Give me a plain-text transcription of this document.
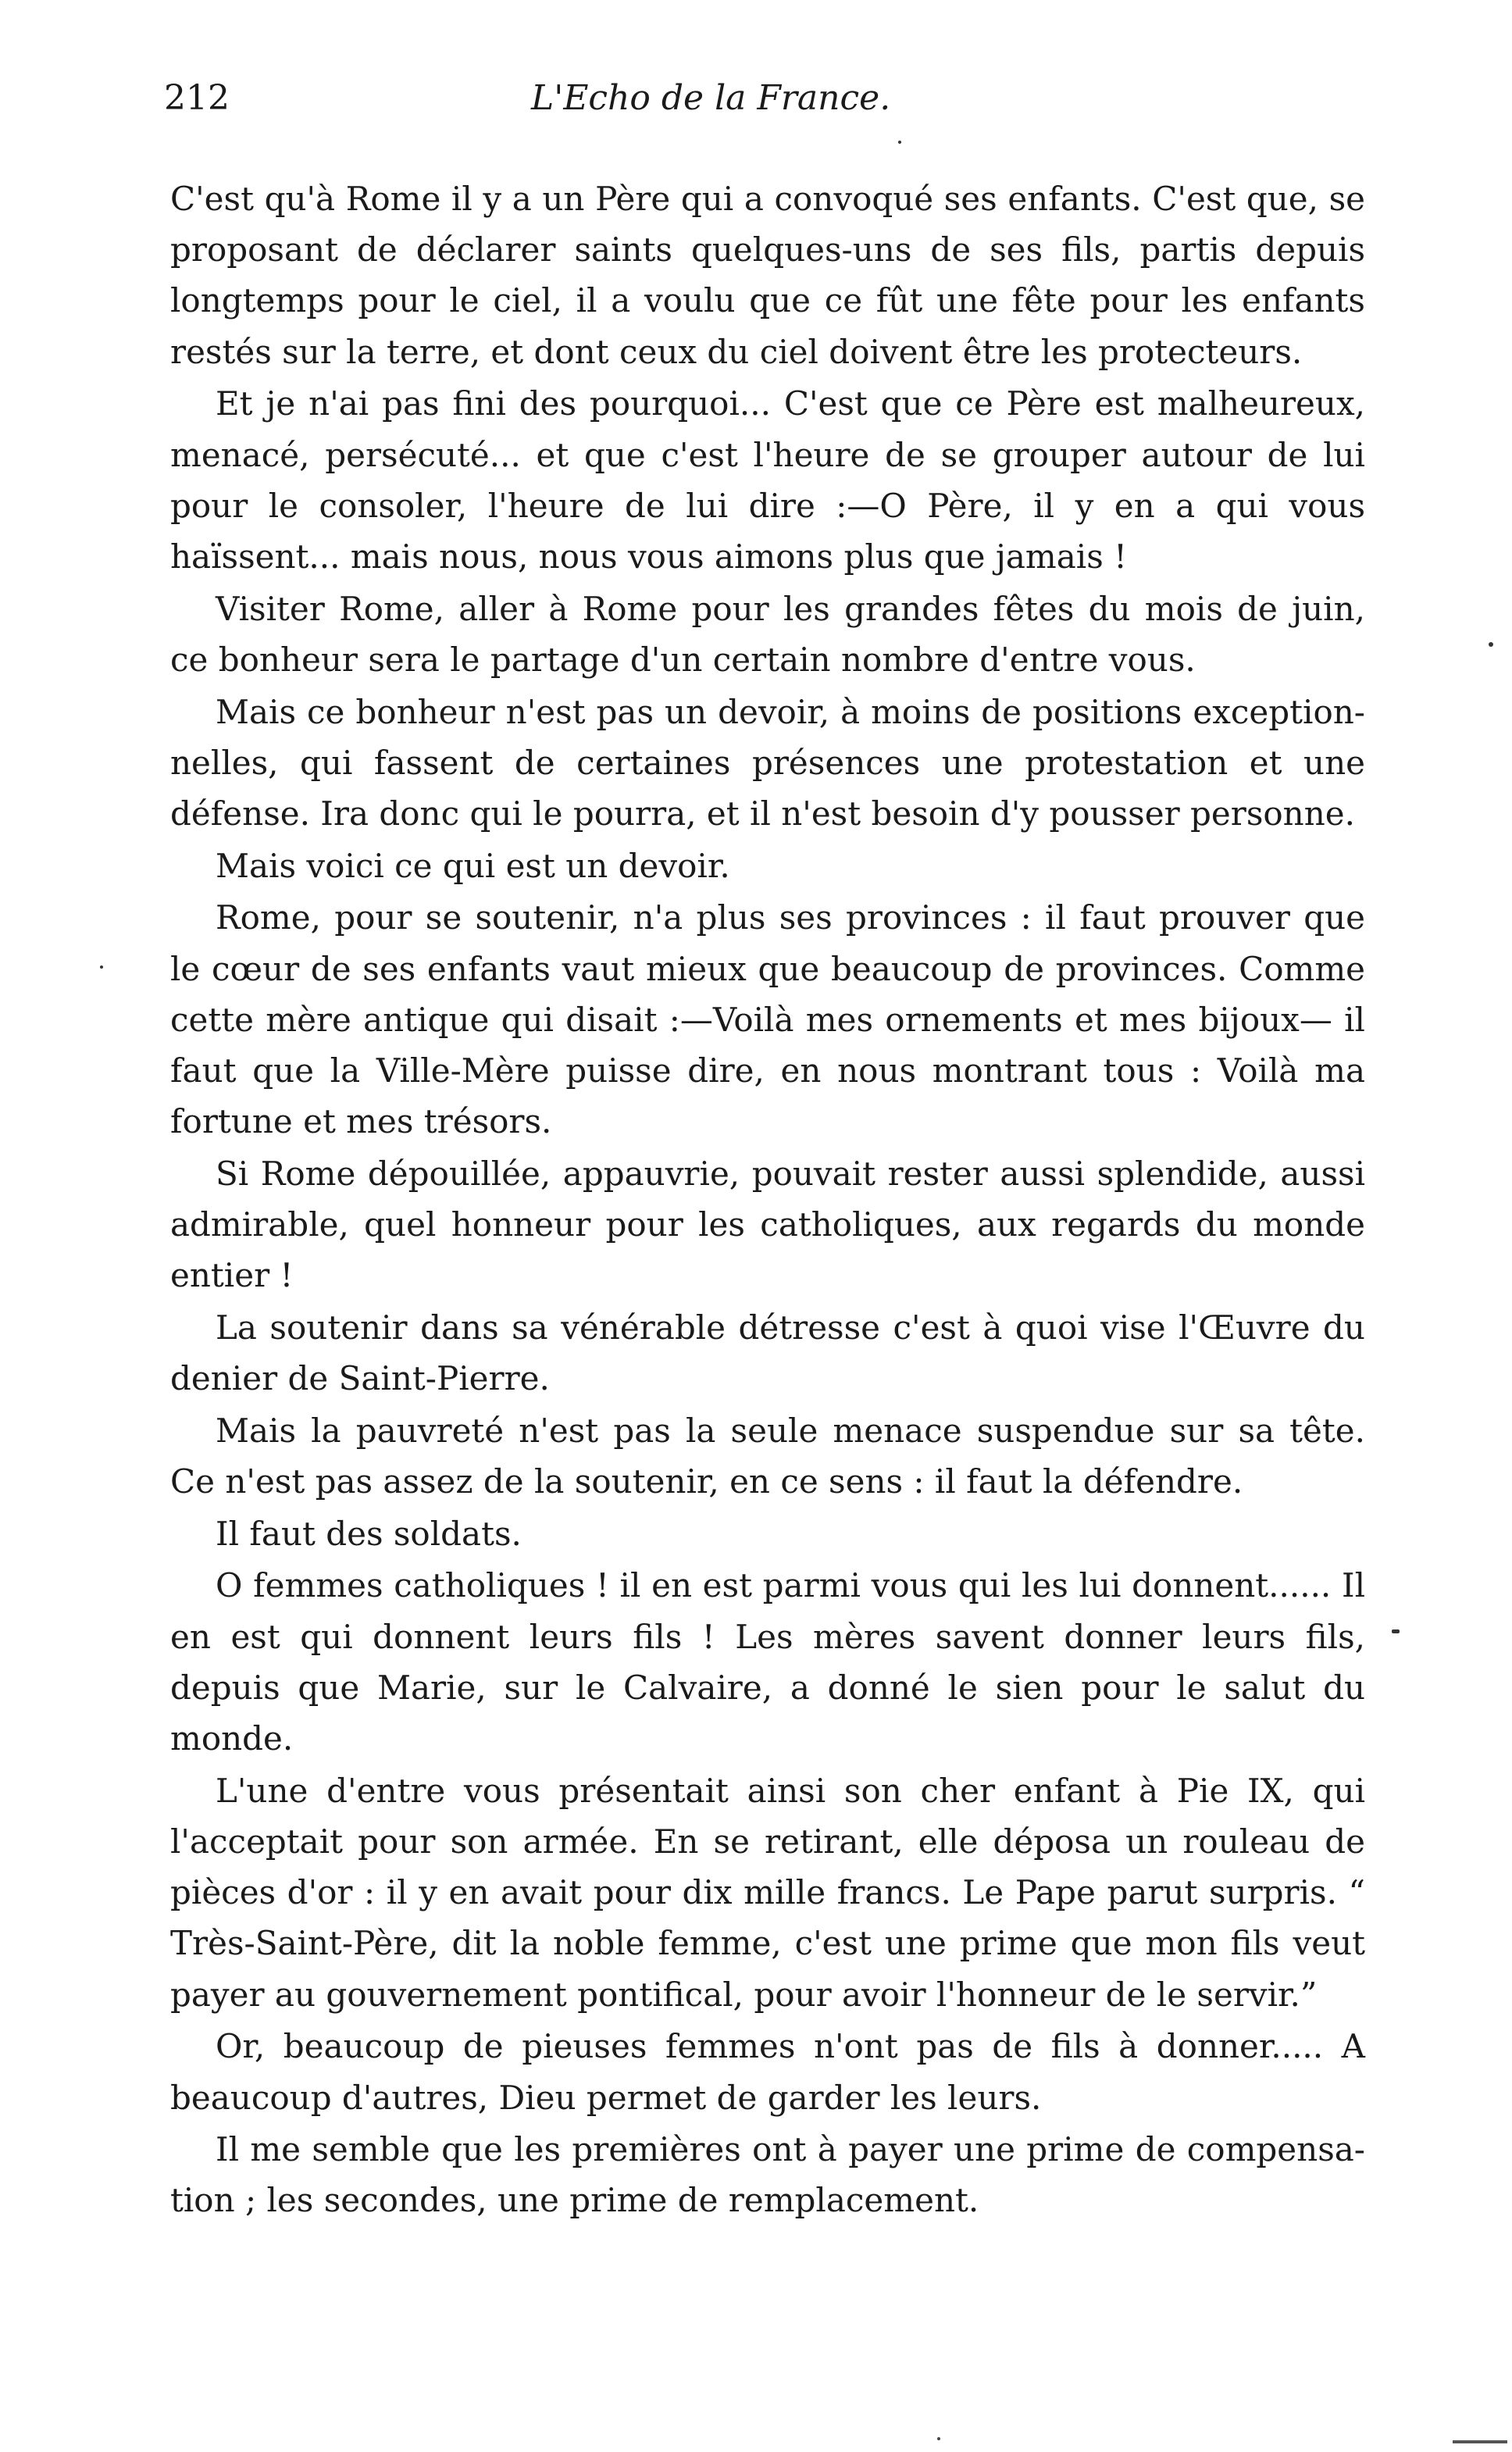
212	L'Echo de la France.

C'est qu'à Rome il y a un Père qui a convoqué ses enfants. C'est que, se proposant de déclarer saints quelques-uns de ses fils, partis depuis longtemps pour le ciel, il a voulu que ce fût une fête pour les enfants restés sur la terre, et dont ceux du ciel doivent être les protecteurs.

Et je n'ai pas fini des pourquoi... C'est que ce Père est malheureux, menacé, persécuté... et que c'est l'heure de se grouper autour de lui pour le consoler, l'heure de lui dire :—O Père, il y en a qui vous haïssent... mais nous, nous vous aimons plus que jamais !

Visiter Rome, aller à Rome pour les grandes fêtes du mois de juin, ce bonheur sera le partage d'un certain nombre d'entre vous.

Mais ce bonheur n'est pas un devoir, à moins de positions exceptionnelles, qui fassent de certaines présences une protestation et une défense. Ira donc qui le pourra, et il n'est besoin d'y pousser personne.

Mais voici ce qui est un devoir.

Rome, pour se soutenir, n'a plus ses provinces : il faut prouver que le cœur de ses enfants vaut mieux que beaucoup de provinces. Comme cette mère antique qui disait :—Voilà mes ornements et mes bijoux— il faut que la Ville-Mère puisse dire, en nous montrant tous : Voilà ma fortune et mes trésors.

Si Rome dépouillée, appauvrie, pouvait rester aussi splendide, aussi admirable, quel honneur pour les catholiques, aux regards du monde entier !

La soutenir dans sa vénérable détresse c'est à quoi vise l'Œuvre du denier de Saint-Pierre.

Mais la pauvreté n'est pas la seule menace suspendue sur sa tête. Ce n'est pas assez de la soutenir, en ce sens : il faut la défendre.

Il faut des soldats.

O femmes catholiques ! il en est parmi vous qui les lui donnent...... Il en est qui donnent leurs fils ! Les mères savent donner leurs fils, depuis que Marie, sur le Calvaire, a donné le sien pour le salut du monde.

L'une d'entre vous présentait ainsi son cher enfant à Pie IX, qui l'acceptait pour son armée. En se retirant, elle déposa un rouleau de pièces d'or : il y en avait pour dix mille francs. Le Pape parut surpris. “ Très-Saint-Père, dit la noble femme, c'est une prime que mon fils veut payer au gouvernement pontifical, pour avoir l'honneur de le servir.”

Or, beaucoup de pieuses femmes n'ont pas de fils à donner..... A beaucoup d'autres, Dieu permet de garder les leurs.

Il me semble que les premières ont à payer une prime de compensation ; les secondes, une prime de remplacement.
